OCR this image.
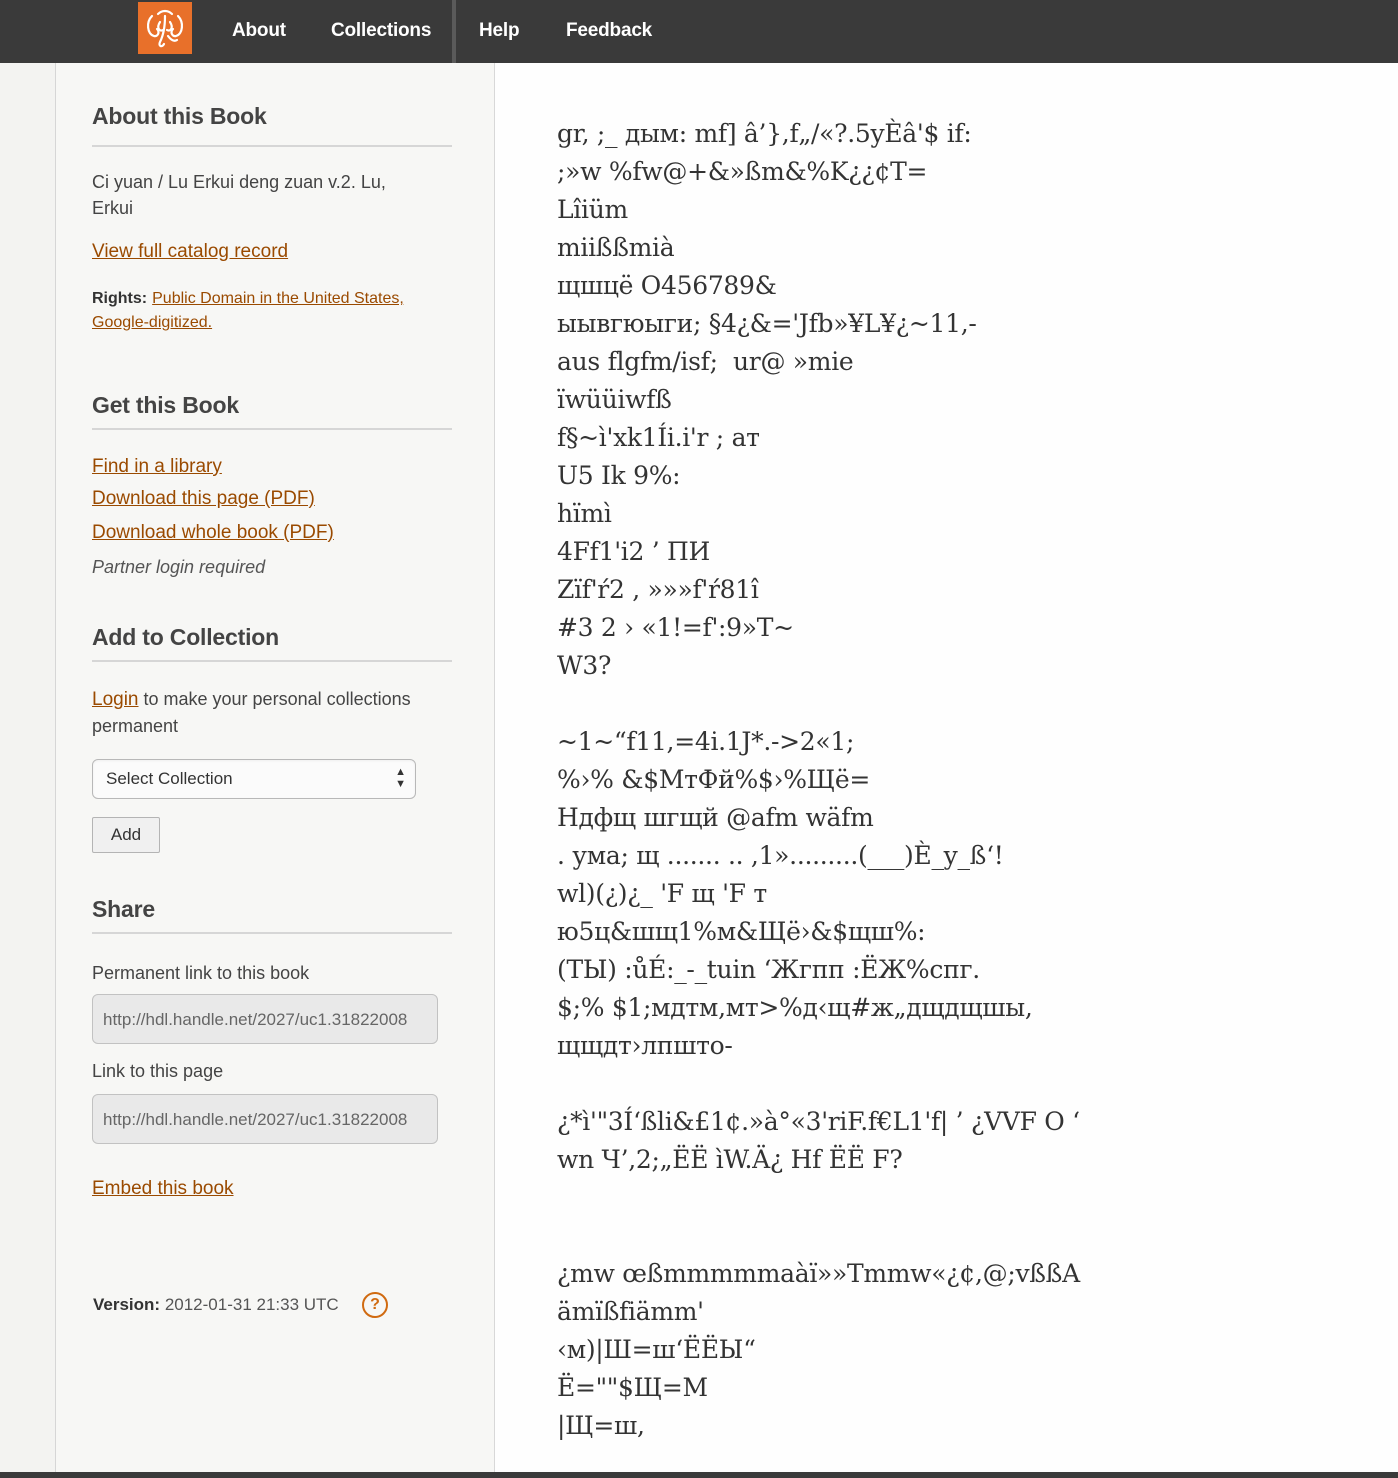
About Collections	Help Feedback
About this Book
Ci yuan / Lu Erkui deng zuan v.2. Lu,
Erkui
View full catalog record
Rights: Public Domain in the United States,
Google-digitized.
Get this Book
Find in a library
Download this page (PDF)
Download whole book (PDF)
Partner login required
Add to Collection
Login to make your personal collections
permanent
Select Collection	▲
▼
Add
Share
Permanent link to this book
http://hdl.handle.net/2027/uc1.31822008
Link to this page
http://hdl.handle.net/2027/uc1.31822008
Embed this book
Version: 2012-01-31 21:33 UTC	?
gr, ;_ дым: mf] â’},f„/«?.5yÈâ'$ if:
;»w %fw@+&»ßm&%K¿¿¢T=
Lîiüm
miißßmià
щшцё O456789&
ыывгюыги; §4¿&='Jfb»¥L¥¿~11,-
aus flgfm/isf;  ur@ »mie
ïwüüiwfß
f§~ì'xk1Íi.i'r ; ат
U5 Ik 9%:
hïmì
4Ff1'i2 ’ ПИ
Zïf'ŕ2 , »»»f'ŕ81î
#3 2 › «1!=f':9»T~
W3?
~1~“f11,=4i.1J*.->2«1;
%›% &$МтФй%$›%Щё=
Ндфщ шгщй @afm wäfm
. ума; щ ....... .. ,1».........(___)È_y_ß‘!
wl)(¿)¿_ 'F щ 'F т
ю5ц&шщ1%м&Щё›&$щш%:
(ТЫ) :ůÉ:_-_tuin ‘Жгпп :ЁЖ%спг.
$;% $1;мдтм,мт>%д‹щ#ж„дщдщшы,
щщдт›лпшто-
¿*ì'"3Í‘ßli&£1¢.»à°«3'riF.f€L1'f| ’ ¿VVF O ‘
wn Ч’,2;„ËË ìW.Ä¿ Hf ËË F?
¿mw œßmmmmmaàï»»Tmmw«¿¢,@;vßßA
ämïßfiämm'
‹м)|Ш=ш‘ЁЁЫ“
Ë=""$Щ=M
|Щ=ш,
